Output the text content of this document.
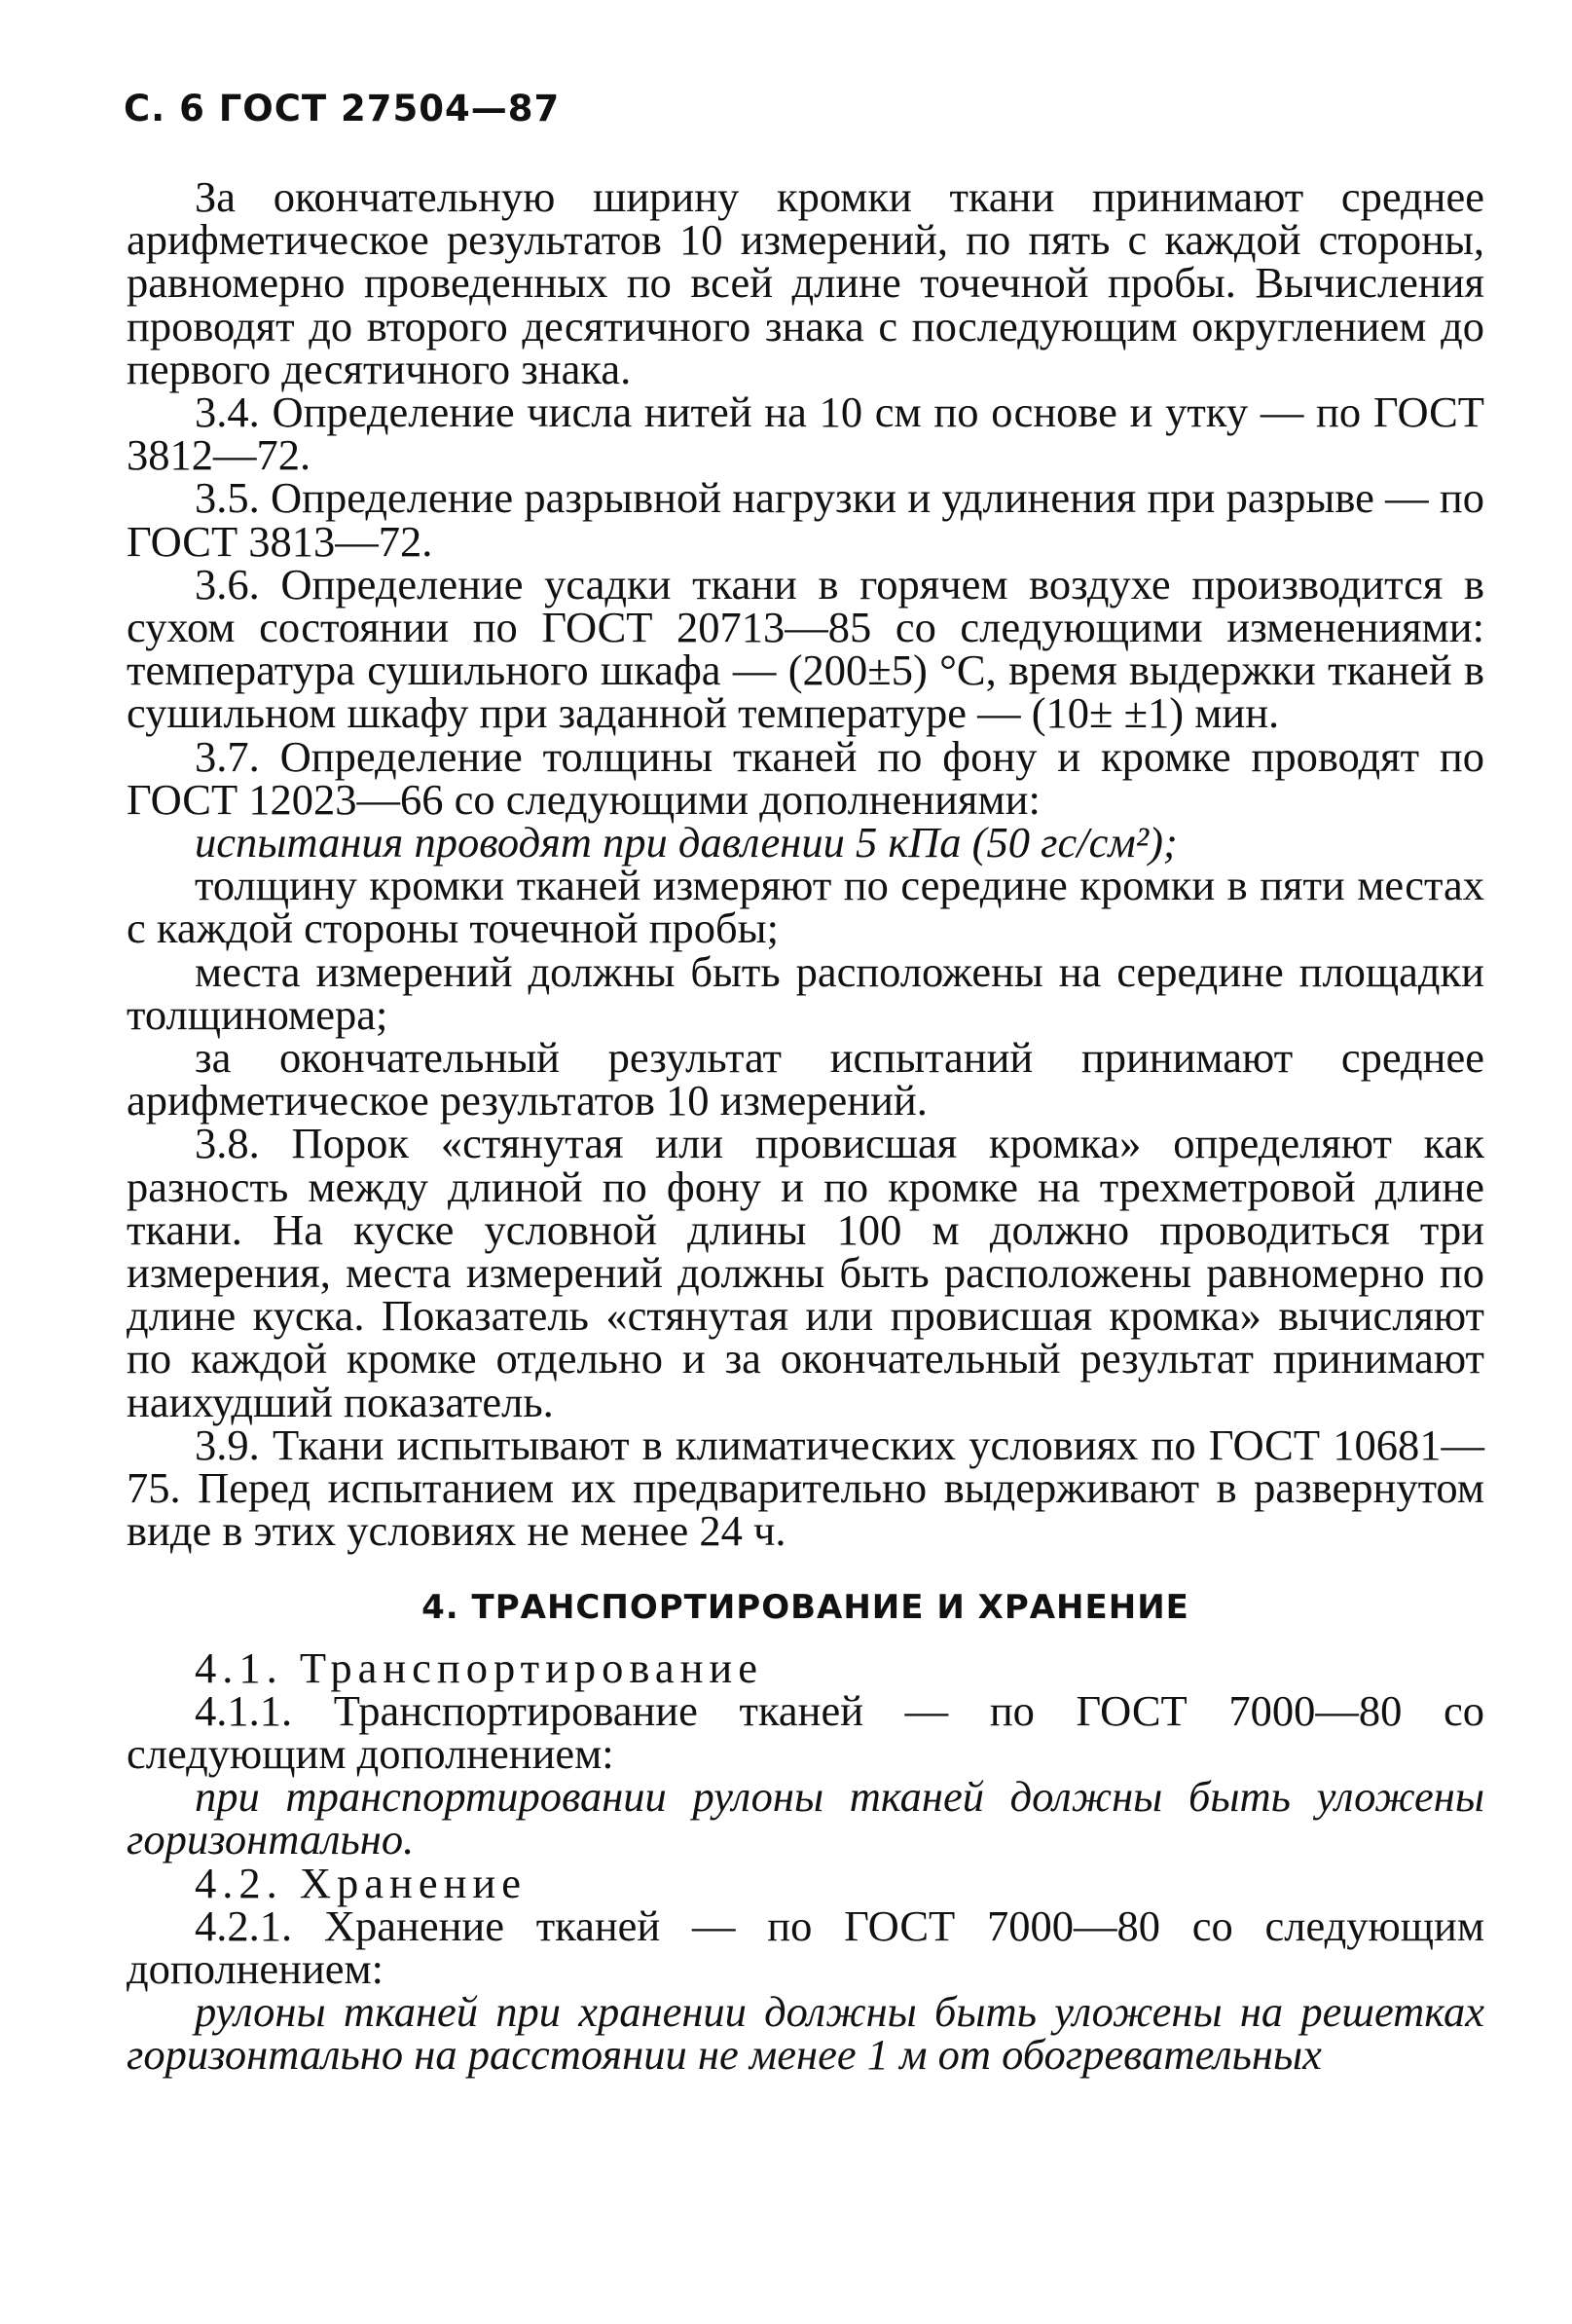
С. 6 ГОСТ 27504—87

За окончательную ширину кромки ткани принимают среднее арифметическое результатов 10 измерений, по пять с каждой стороны, равномерно проведенных по всей длине точечной пробы. Вычисления проводят до второго десятичного знака с последующим округлением до первого десятичного знака.

3.4. Определение числа нитей на 10 см по основе и утку — по ГОСТ 3812—72.

3.5. Определение разрывной нагрузки и удлинения при разрыве — по ГОСТ 3813—72.

3.6. Определение усадки ткани в горячем воздухе производится в сухом состоянии по ГОСТ 20713—85 со следующими изменениями: температура сушильного шкафа — (200±5) °С, время выдержки тканей в сушильном шкафу при заданной температуре — (10± ±1) мин.

3.7. Определение толщины тканей по фону и кромке проводят по ГОСТ 12023—66 со следующими дополнениями:

испытания проводят при давлении 5 кПа (50 гс/см²);

толщину кромки тканей измеряют по середине кромки в пяти местах с каждой стороны точечной пробы;

места измерений должны быть расположены на середине площадки толщиномера;

за окончательный результат испытаний принимают среднее арифметическое результатов 10 измерений.

3.8. Порок «стянутая или провисшая кромка» определяют как разность между длиной по фону и по кромке на трехметровой длине ткани. На куске условной длины 100 м должно проводиться три измерения, места измерений должны быть расположены равномерно по длине куска. Показатель «стянутая или провисшая кромка» вычисляют по каждой кромке отдельно и за окончательный результат принимают наихудший показатель.

3.9. Ткани испытывают в климатических условиях по ГОСТ 10681—75. Перед испытанием их предварительно выдерживают в развернутом виде в этих условиях не менее 24 ч.

4. ТРАНСПОРТИРОВАНИЕ И ХРАНЕНИЕ

4.1. Транспортирование

4.1.1. Транспортирование тканей — по ГОСТ 7000—80 со следующим дополнением:

при транспортировании рулоны тканей должны быть уложены горизонтально.

4.2. Хранение

4.2.1. Хранение тканей — по ГОСТ 7000—80 со следующим дополнением:

рулоны тканей при хранении должны быть уложены на решетках горизонтально на расстоянии не менее 1 м от обогревательных
